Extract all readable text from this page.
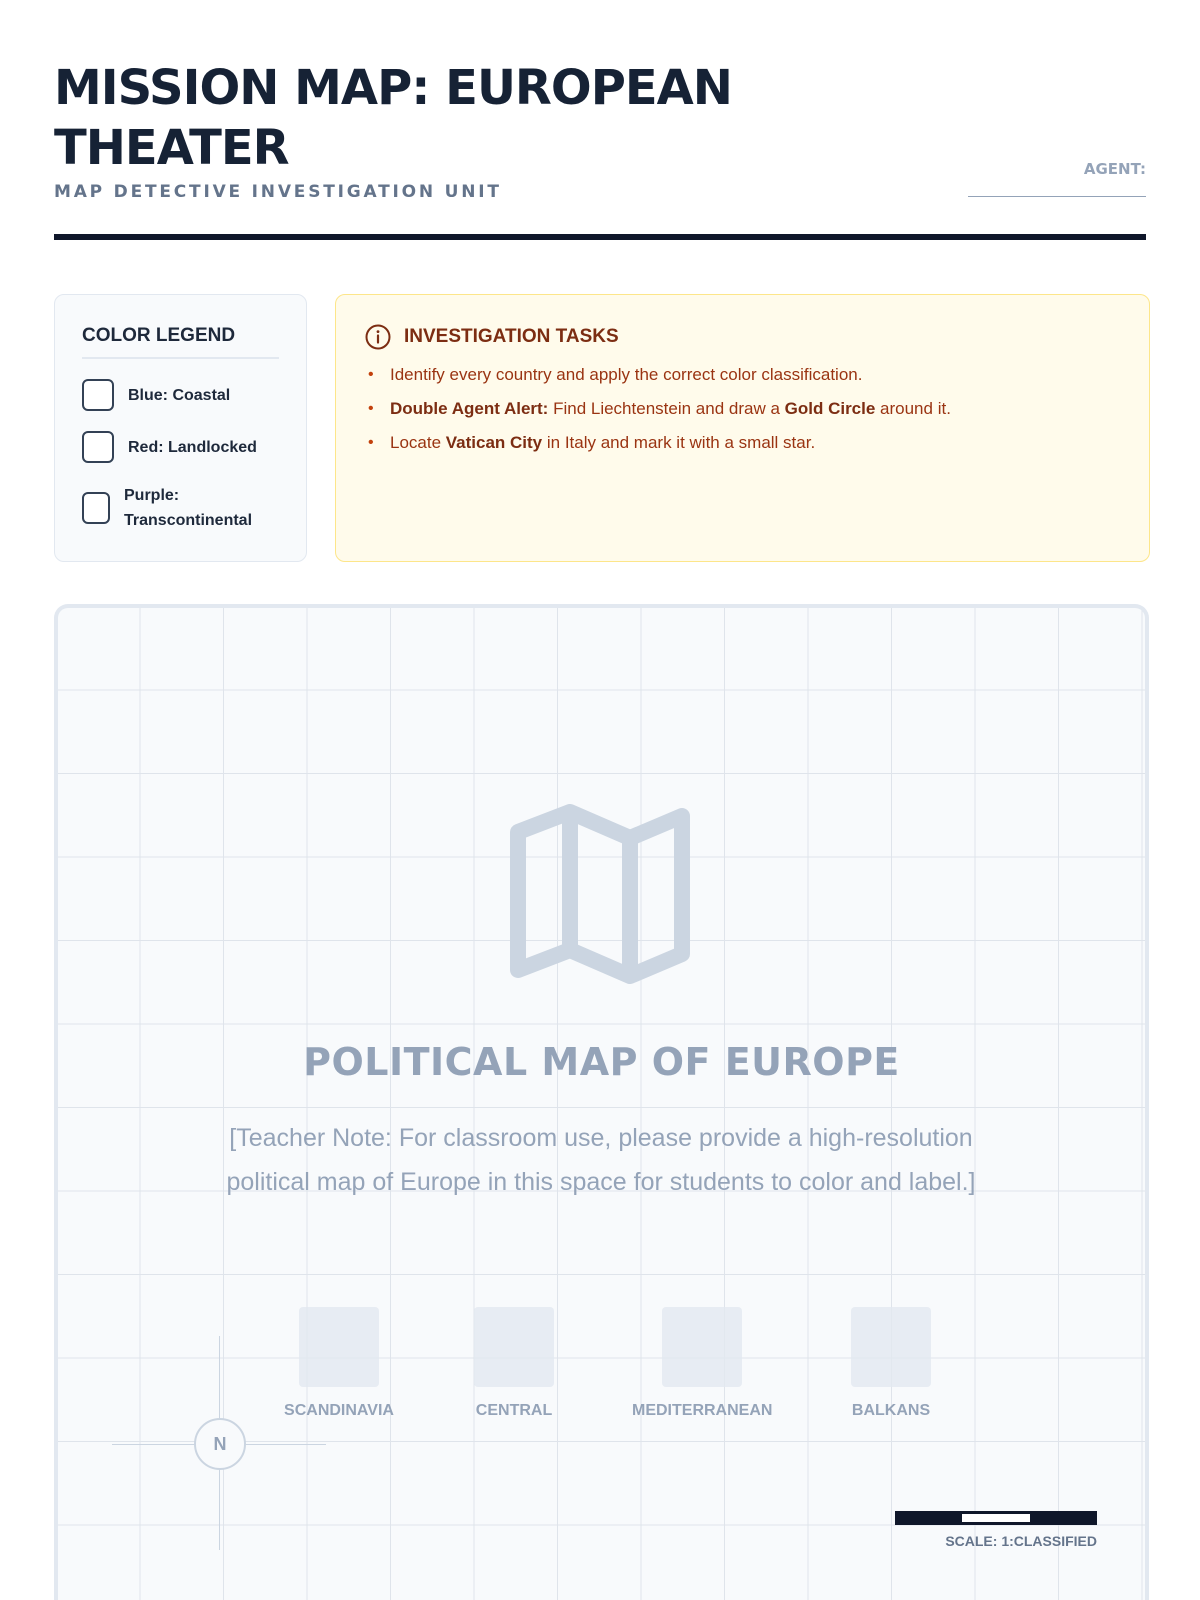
MISSION MAP: EUROPEAN THEATER
MAP DETECTIVE INVESTIGATION UNIT
AGENT:
COLOR LEGEND
Blue: Coastal
Red: Landlocked
Purple: Transcontinental
INVESTIGATION TASKS
• Identify every country and apply the correct color classification.
• Double Agent Alert: Find Liechtenstein and draw a Gold Circle around it.
• Locate Vatican City in Italy and mark it with a small star.
POLITICAL MAP OF EUROPE
[Teacher Note: For classroom use, please provide a high-resolution political map of Europe in this space for students to color and label.]
SCANDINAVIA	CENTRAL	MEDITERRANEAN	BALKANS
N
SCALE: 1:CLASSIFIED
